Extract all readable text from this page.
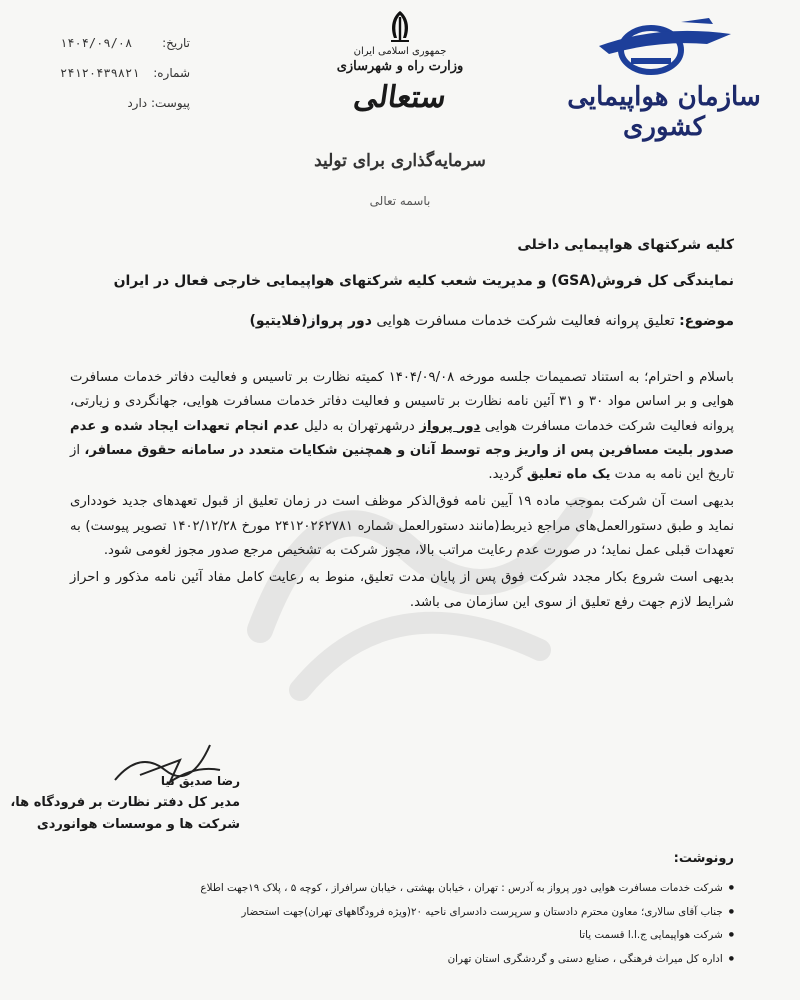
سازمان هواپیمایی کشوری
جمهوری اسلامی ایران
وزارت راه و شهرسازی
ستعالی
تاریخ:
۱۴۰۴/۰۹/۰۸
شماره:
۲۴۱۲۰۴۳۹۸۲۱
پیوست: دارد
سرمایه‌گذاری برای تولید
باسمه تعالی
کلیه شرکتهای هواپیمایی داخلی
نمایندگی کل فروش(GSA) و مدیریت شعب کلیه شرکتهای هواپیمایی خارجی فعال در ایران
موضوع: تعلیق پروانه فعالیت شرکت خدمات مسافرت هوایی دور پرواز(فلایتیو)

باسلام و احترام؛ به استناد تصمیمات جلسه مورخه ۱۴۰۴/۰۹/۰۸ کمیته نظارت بر تاسیس و فعالیت دفاتر خدمات مسافرت هوایی و بر اساس مواد ۳۰ و ۳۱ آئین نامه نظارت بر تاسیس و فعالیت دفاتر خدمات مسافرت هوایی، جهانگردی و زیارتی، پروانه فعالیت شرکت خدمات مسافرت هوایی دور پرواز درشهرتهران به دلیل عدم انجام تعهدات ایجاد شده و عدم صدور بلیت مسافرین پس از واریز وجه توسط آنان و همچنین شکایات متعدد در سامانه حقوق مسافر، از تاریخ این نامه به مدت یک ماه تعلیق گردید.

بدیهی است آن شرکت بموجب ماده ۱۹ آیین نامه فوق‌الذکر موظف است در زمان تعلیق از قبول تعهدهای جدید خودداری نماید و طبق دستورالعمل‌های مراجع ذیربط(مانند دستورالعمل شماره ۲۴۱۲۰۲۶۲۷۸۱ مورخ ۱۴۰۲/۱۲/۲۸ تصویر پیوست) به تعهدات قبلی عمل نماید؛ در صورت عدم رعایت مراتب بالا، مجوز شرکت به تشخیص مرجع صدور مجوز لغومی شود.

بدیهی است شروع بکار مجدد شرکت فوق پس از پایان مدت تعلیق، منوط به رعایت کامل مفاد آئین نامه مذکور و احراز شرایط لازم جهت رفع تعلیق از سوی این سازمان می باشد.

رضا صدیق نیا
مدیر کل دفتر نظارت بر فرودگاه ها،
شرکت ها و موسسات هوانوردی
رونوشت:
● شرکت خدمات مسافرت هوایی دور پرواز به آدرس : تهران ، خیابان بهشتی ، خیابان سرافراز ، کوچه ۵ ، پلاک ۱۹جهت اطلاع
● جناب آقای سالاری؛ معاون محترم دادستان و سرپرست دادسرای ناحیه ۲۰(ویژه فرودگاههای تهران)جهت استحضار
● شرکت هواپیمایی ج.ا.ا قسمت یاتا
● اداره کل میراث فرهنگی ، صنایع دستی و گردشگری استان تهران
